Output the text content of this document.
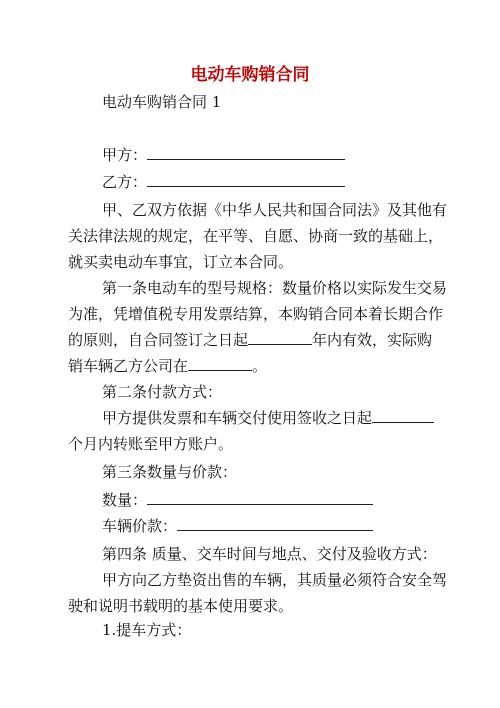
电动车购销合同
电动车购销合同 1
甲方：
乙方：
甲、乙双方依据《中华人民共和国合同法》及其他有
关法律法规的规定，在平等、自愿、协商一致的基础上，
就买卖电动车事宜，订立本合同。
第一条电动车的型号规格：数量价格以实际发生交易
为准，凭增值税专用发票结算，本购销合同本着长期合作
的原则，自合同签订之日起	年内有效，实际购
销车辆乙方公司在	。
第二条付款方式：
甲方提供发票和车辆交付使用签收之日起
个月内转账至甲方账户。
第三条数量与价款：
数量：
车辆价款：
第四条 质量、交车时间与地点、交付及验收方式：
甲方向乙方垫资出售的车辆，其质量必须符合安全驾
驶和说明书载明的基本使用要求。
1.提车方式：
